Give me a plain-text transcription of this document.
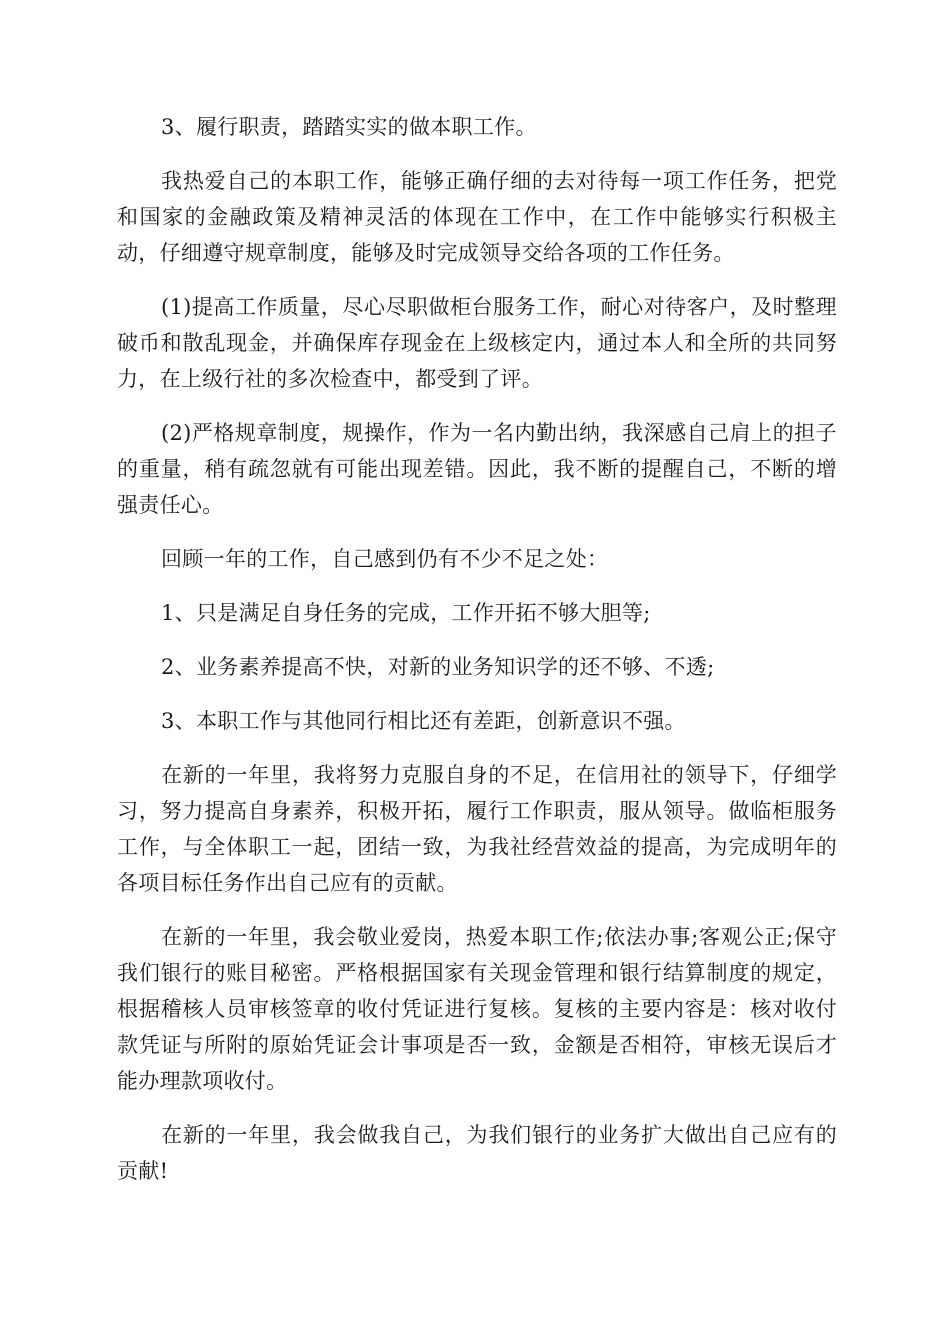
3、履行职责，踏踏实实的做本职工作。

我热爱自己的本职工作，能够正确仔细的去对待每一项工作任务，把党和国家的金融政策及精神灵活的体现在工作中，在工作中能够实行积极主动，仔细遵守规章制度，能够及时完成领导交给各项的工作任务。

(1)提高工作质量，尽心尽职做柜台服务工作，耐心对待客户，及时整理破币和散乱现金，并确保库存现金在上级核定内，通过本人和全所的共同努力，在上级行社的多次检查中，都受到了评。

(2)严格规章制度，规操作，作为一名内勤出纳，我深感自己肩上的担子的重量，稍有疏忽就有可能出现差错。因此，我不断的提醒自己，不断的增强责任心。

回顾一年的工作，自己感到仍有不少不足之处：

1、只是满足自身任务的完成，工作开拓不够大胆等;

2、业务素养提高不快，对新的业务知识学的还不够、不透;

3、本职工作与其他同行相比还有差距，创新意识不强。

在新的一年里，我将努力克服自身的不足，在信用社的领导下，仔细学习，努力提高自身素养，积极开拓，履行工作职责，服从领导。做临柜服务工作，与全体职工一起，团结一致，为我社经营效益的提高，为完成明年的各项目标任务作出自己应有的贡献。

在新的一年里，我会敬业爱岗，热爱本职工作;依法办事;客观公正;保守我们银行的账目秘密。严格根据国家有关现金管理和银行结算制度的规定，根据稽核人员审核签章的收付凭证进行复核。复核的主要内容是：核对收付款凭证与所附的原始凭证会计事项是否一致，金额是否相符，审核无误后才能办理款项收付。

在新的一年里，我会做我自己，为我们银行的业务扩大做出自己应有的贡献!
